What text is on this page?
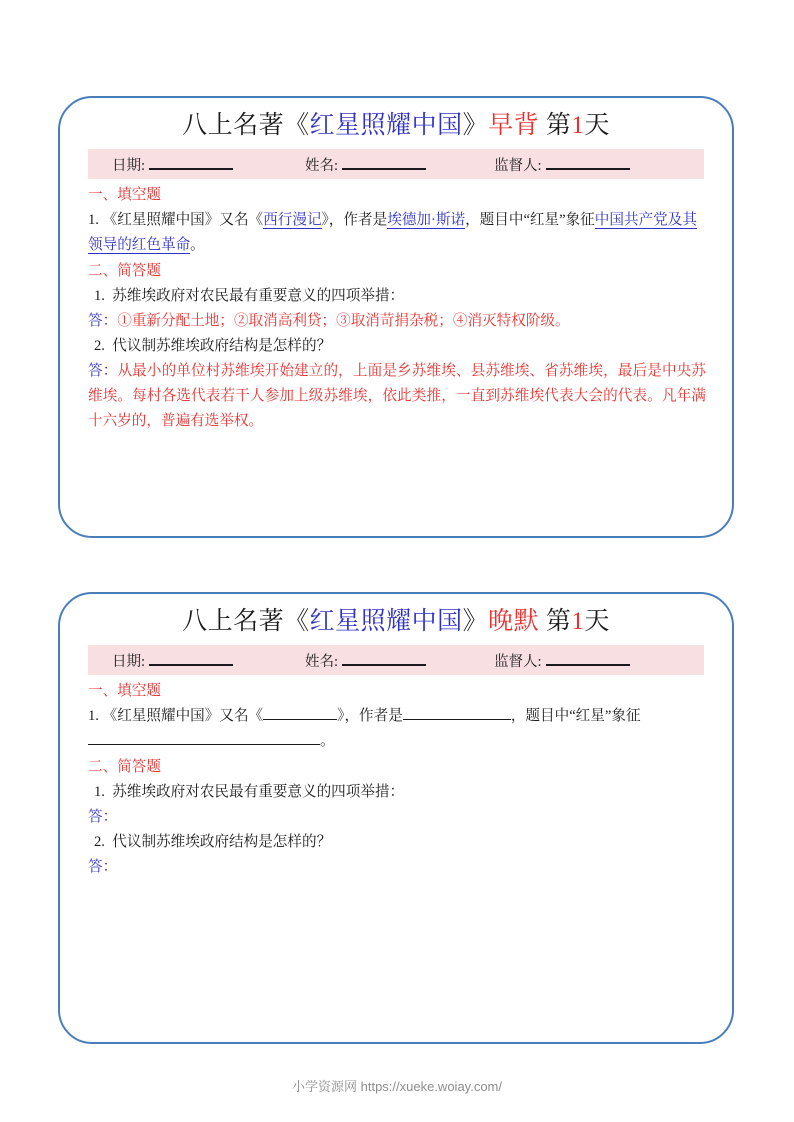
八上名著《红星照耀中国》早背 第1天
日期:	姓名:	监督人:

一、填空题

1. 《红星照耀中国》又名《西行漫记》，作者是埃德加·斯诺，题目中“红星”象征中国共产党及其领导的红色革命。

二、简答题

1. 苏维埃政府对农民最有重要意义的四项举措：

答：①重新分配土地；②取消高利贷；③取消苛捐杂税；④消灭特权阶级。

2. 代议制苏维埃政府结构是怎样的？

答：从最小的单位村苏维埃开始建立的，上面是乡苏维埃、县苏维埃、省苏维埃，最后是中央苏维埃。每村各选代表若干人参加上级苏维埃，依此类推，一直到苏维埃代表大会的代表。凡年满十六岁的，普遍有选举权。

八上名著《红星照耀中国》晚默 第1天
日期:	姓名:	监督人:

一、填空题

1. 《红星照耀中国》又名《	》，作者是	，题目中“红星”象征。

二、简答题

1. 苏维埃政府对农民最有重要意义的四项举措：

答：

2. 代议制苏维埃政府结构是怎样的？

答：

小学资源网 https://xueke.woiay.com/
